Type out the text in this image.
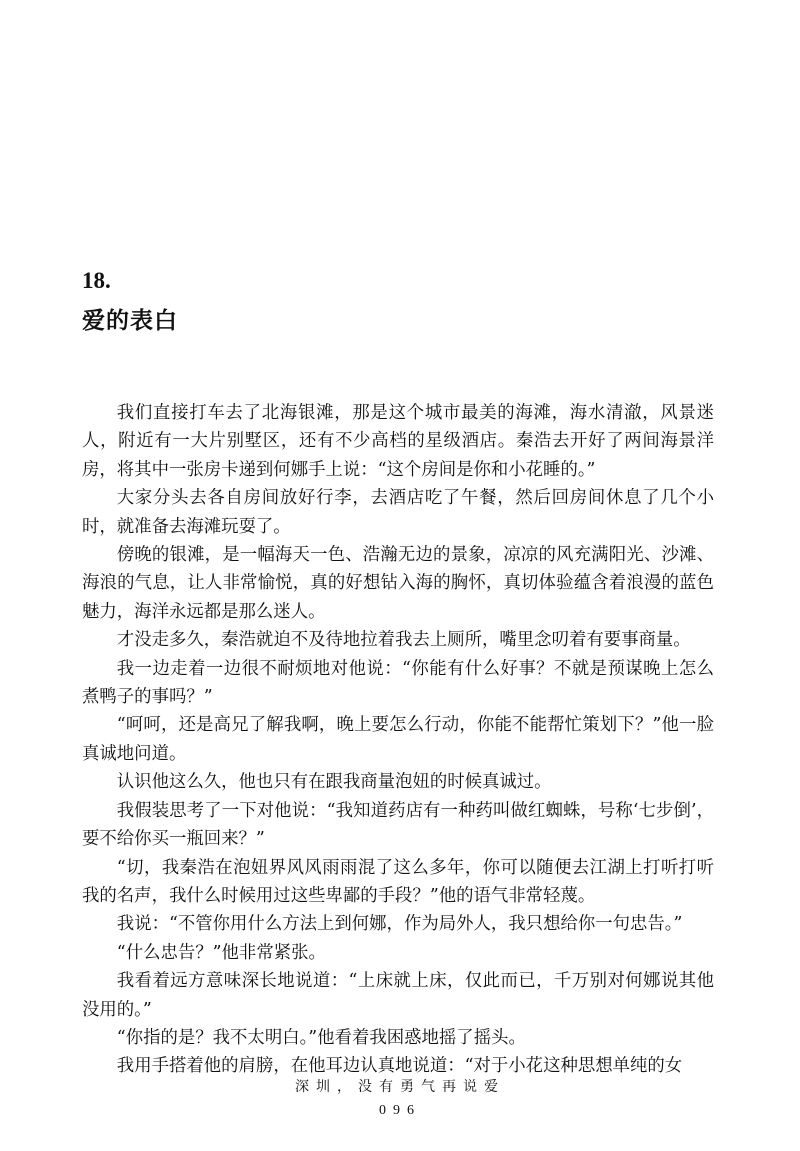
18.
爱的表白

我们直接打车去了北海银滩，那是这个城市最美的海滩，海水清澈，风景迷人，附近有一大片别墅区，还有不少高档的星级酒店。秦浩去开好了两间海景洋房，将其中一张房卡递到何娜手上说：“这个房间是你和小花睡的。”

大家分头去各自房间放好行李，去酒店吃了午餐，然后回房间休息了几个小时，就准备去海滩玩耍了。

傍晚的银滩，是一幅海天一色、浩瀚无边的景象，凉凉的风充满阳光、沙滩、海浪的气息，让人非常愉悦，真的好想钻入海的胸怀，真切体验蕴含着浪漫的蓝色魅力，海洋永远都是那么迷人。

才没走多久，秦浩就迫不及待地拉着我去上厕所，嘴里念叨着有要事商量。

我一边走着一边很不耐烦地对他说：“你能有什么好事？不就是预谋晚上怎么煮鸭子的事吗？”

“呵呵，还是高兄了解我啊，晚上要怎么行动，你能不能帮忙策划下？”他一脸真诚地问道。

认识他这么久，他也只有在跟我商量泡妞的时候真诚过。

我假装思考了一下对他说：“我知道药店有一种药叫做红蜘蛛，号称‘七步倒’，要不给你买一瓶回来？”

“切，我秦浩在泡妞界风风雨雨混了这么多年，你可以随便去江湖上打听打听我的名声，我什么时候用过这些卑鄙的手段？”他的语气非常轻蔑。

我说：“不管你用什么方法上到何娜，作为局外人，我只想给你一句忠告。”

“什么忠告？”他非常紧张。

我看着远方意味深长地说道：“上床就上床，仅此而已，千万别对何娜说其他没用的。”

“你指的是？我不太明白。”他看着我困惑地摇了摇头。

我用手搭着他的肩膀，在他耳边认真地说道：“对于小花这种思想单纯的女

深圳，没有勇气再说爱
096
